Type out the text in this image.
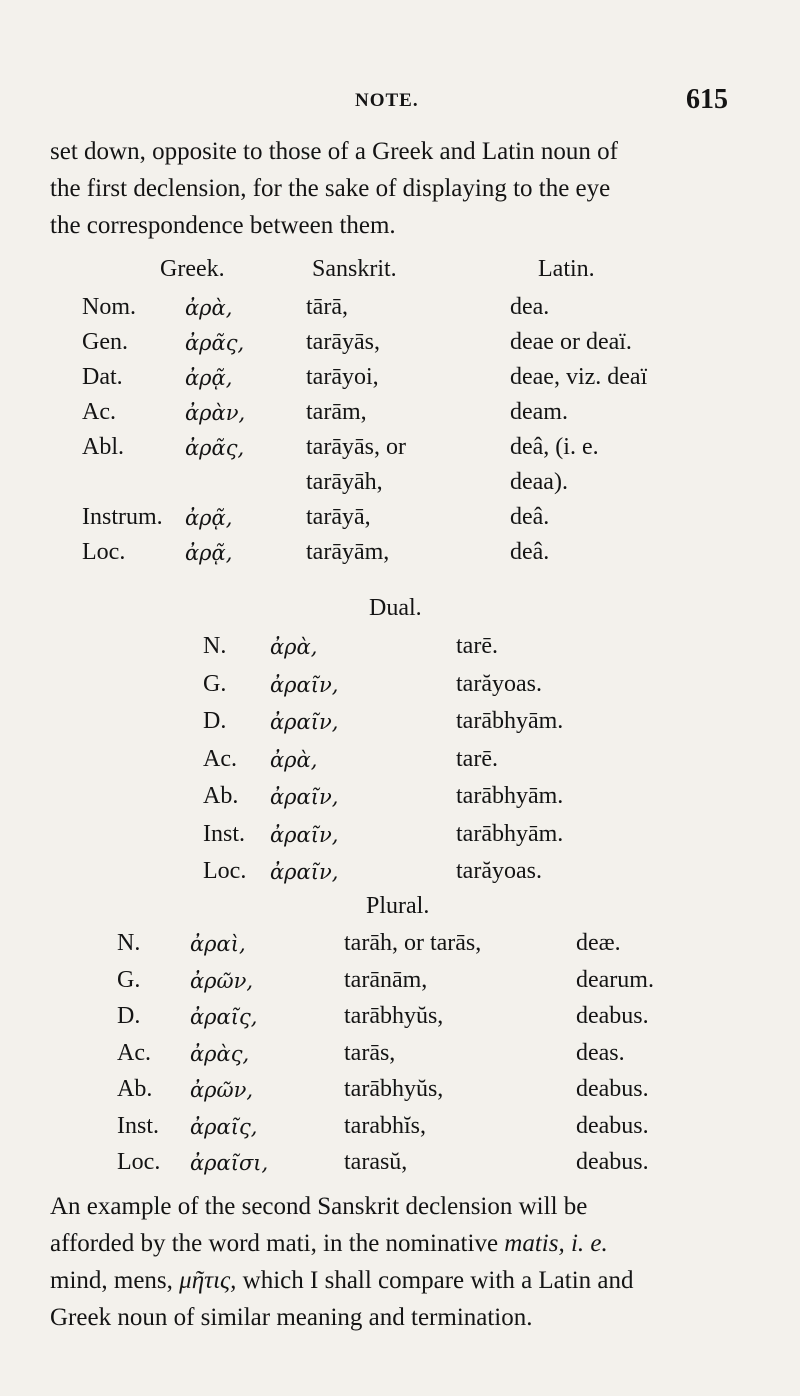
NOTE.	615
set down, opposite to those of a Greek and Latin noun of
the first declension, for the sake of displaying to the eye
the correspondence between them.
Greek.	Sanskrit.	Latin.
Nom. ἀρὰ,	tārā,	dea.
Gen.	ἀρᾶς,	tarāyās,	deae or deaï.
Dat.	ἀρᾷ,	tarāyoi,	deae, viz. deaï
Ac.	ἀρὰν,	tarām,	deam.
Abl.	ἀρᾶς,	tarāyās, or	deâ, (i. e.
tarāyāh,	deaa).
Instrum. ἀρᾷ,	tarāyā,	deâ.
Loc.	ἀρᾷ,	tarāyām,	deâ.
Dual.
N. ἀρὰ,	tarē.
G. ἀραῖν,	tarăyoas.
D. ἀραῖν,	tarābhyām.
Ac. ἀρὰ,	tarē.
Ab. ἀραῖν,	tarābhyām.
Inst. ἀραῖν,	tarābhyām.
Loc. ἀραῖν,	tarăyoas.
Plural.
N. ἀραὶ,	tarāh, or tarās,	deæ.
G. ἀρῶν,	tarānām,	dearum.
D. ἀραῖς,	tarābhyŭs,	deabus.
Ac. ἀρὰς,	tarās,	deas.
Ab. ἀρῶν,	tarābhyŭs,	deabus.
Inst. ἀραῖς,	tarabhĭs,	deabus.
Loc. ἀραῖσι,	tarasŭ,	deabus.
An example of the second Sanskrit declension will be
afforded by the word mati, in the nominative matis, i. e.
mind, mens, μῆτις, which I shall compare with a Latin and
Greek noun of similar meaning and termination.
